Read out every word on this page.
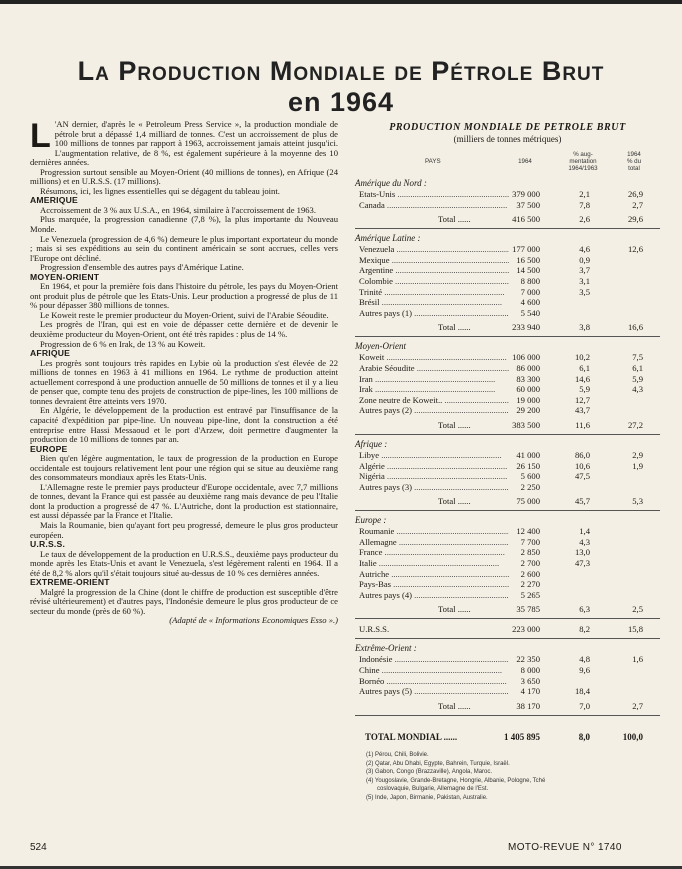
La Production Mondiale de Pétrole Brut
en 1964

L 'AN dernier, d'après le « Petroleum Press Service », la production mondiale de pétrole brut a dépassé 1,4 milliard de tonnes. C'est un accroissement de plus de 100 millions de tonnes par rapport à 1963, accroissement jamais atteint jusqu'ici. L'augmentation relative, de 8 %, est également supérieure à la moyenne des 10 dernières années.

Progression surtout sensible au Moyen-Orient (40 millions de tonnes), en Afrique (24 millions) et en U.R.S.S. (17 millions).

Résumons, ici, les lignes essentielles qui se dégagent du tableau joint.

AMERIQUE

Accroissement de 3 % aux U.S.A., en 1964, similaire à l'accroissement de 1963.

Plus marquée, la progression canadienne (7,8 %), la plus importante du Nouveau Monde.

Le Venezuela (progression de 4,6 %) demeure le plus important exportateur du monde ; mais si ses expéditions au sein du continent américain se sont accrues, celles vers l'Europe ont décliné.

Progression d'ensemble des autres pays d'Amérique Latine.

MOYEN-ORIENT

En 1964, et pour la première fois dans l'histoire du pétrole, les pays du Moyen-Orient ont produit plus de pétrole que les Etats-Unis. Leur production a progressé de plus de 11 % pour dépasser 380 millions de tonnes.

Le Koweit reste le premier producteur du Moyen-Orient, suivi de l'Arabie Séoudite.

Les progrès de l'Iran, qui est en voie de dépasser cette dernière et de devenir le deuxième producteur du Moyen-Orient, ont été très rapides : plus de 14 %.

Progression de 6 % en Irak, de 13 % au Koweit.

AFRIQUE

Les progrès sont toujours très rapides en Lybie où la production s'est élevée de 22 millions de tonnes en 1963 à 41 millions en 1964. Le rythme de production atteint actuellement correspond à une production annuelle de 50 millions de tonnes et il y a lieu de penser que, compte tenu des projets de construction de pipe-lines, les 100 millions de tonnes devraient être atteints vers 1970.

En Algérie, le développement de la production est entravé par l'insuffisance de la capacité d'expédition par pipe-line. Un nouveau pipe-line, dont la construction a été entreprise entre Hassi Messaoud et le port d'Arzew, doit permettre d'augmenter la production de 10 millions de tonnes par an.

EUROPE

Bien qu'en légère augmentation, le taux de progression de la production en Europe occidentale est toujours relativement lent pour une région qui se situe au deuxième rang des consommateurs mondiaux après les Etats-Unis.

L'Allemagne reste le premier pays producteur d'Europe occidentale, avec 7,7 millions de tonnes, devant la France qui est passée au deuxième rang mais devance de peu l'Italie dont la production a progressé de 47 %. L'Autriche, dont la production est stationnaire, est aussi dépassée par la France et l'Italie.

Mais la Roumanie, bien qu'ayant fort peu progressé, demeure le plus gros producteur européen.

U.R.S.S.

Le taux de développement de la production en U.R.S.S., deuxième pays producteur du monde après les Etats-Unis et avant le Venezuela, s'est légèrement ralenti en 1964. Il a été de 8,2 % alors qu'il s'était toujours situé au-dessus de 10 % ces dernières années.

EXTREME-ORIENT

Malgré la progression de la Chine (dont le chiffre de production est susceptible d'être révisé ultérieurement) et d'autres pays, l'Indonésie demeure le plus gros producteur de ce secteur du monde (près de 60 %).

(Adapté de « Informations Economiques Esso ».)

PRODUCTION MONDIALE DE PETROLE BRUT
(milliers de tonnes métriques)
PAYS	1964
% aug-
mentation
1964/1963
1964
% du
total
Amérique du Nord :
Etats-Unis .....	379 000	2,1	26,9
Canada .....	37 500	7,8	2,7
Total ......	416 500	2,6	29,6
Amérique Latine :
Venezuela .....	177 000	4,6	12,6
Mexique .....	16 500	0,9
Argentine .....	14 500	3,7
Colombie .....	8 800	3,1
Trinité .....	7 000	3,5
Brésil .....	4 600
Autres pays (1) .....	5 540
Total ......	233 940	3,8	16,6
Moyen-Orient
Koweit .....	106 000	10,2	7,5
Arabie Séoudite .....	86 000	6,1	6,1
Iran .....	83 300	14,6	5,9
Irak .....	60 000	5,9	4,3
Zone neutre de Koweit.. .....	19 000	12,7
Autres pays (2) .....	29 200	43,7
Total ......	383 500	11,6	27,2
Afrique :
Libye .....	41 000	86,0	2,9
Algérie .....	26 150	10,6	1,9
Nigéria .....	5 600	47,5
Autres pays (3) .....	2 250
Total ......	75 000	45,7	5,3
Europe :
Roumanie .....	12 400	1,4
Allemagne .....	7 700	4,3
France .....	2 850	13,0
Italie .....	2 700	47,3
Autriche .....	2 600
Pays-Bas .....	2 270
Autres pays (4) .....	5 265
Total ......	35 785	6,3	2,5
U.R.S.S.	223 000	8,2	15,8
Extrême-Orient :
Indonésie .....	22 350	4,8	1,6
Chine .....	8 000	9,6
Bornéo .....	3 650
Autres pays (5) .....	4 170	18,4
Total ......	38 170	7,0	2,7
TOTAL MONDIAL ......	1 405 895	8,0	100,0
(1) Pérou, Chili, Bolivie.
(2) Qatar, Abu Dhabi, Egypte, Bahrein, Turquie, Israël.
(3) Gabon, Congo (Brazzaville), Angola, Maroc.
(4) Yougoslavie, Grande-Bretagne, Hongrie, Albanie, Pologne, Tché
coslovaquie, Bulgarie, Allemagne de l'Est.
(5) Inde, Japon, Birmanie, Pakistan, Australie.
524	MOTO-REVUE N° 1740
